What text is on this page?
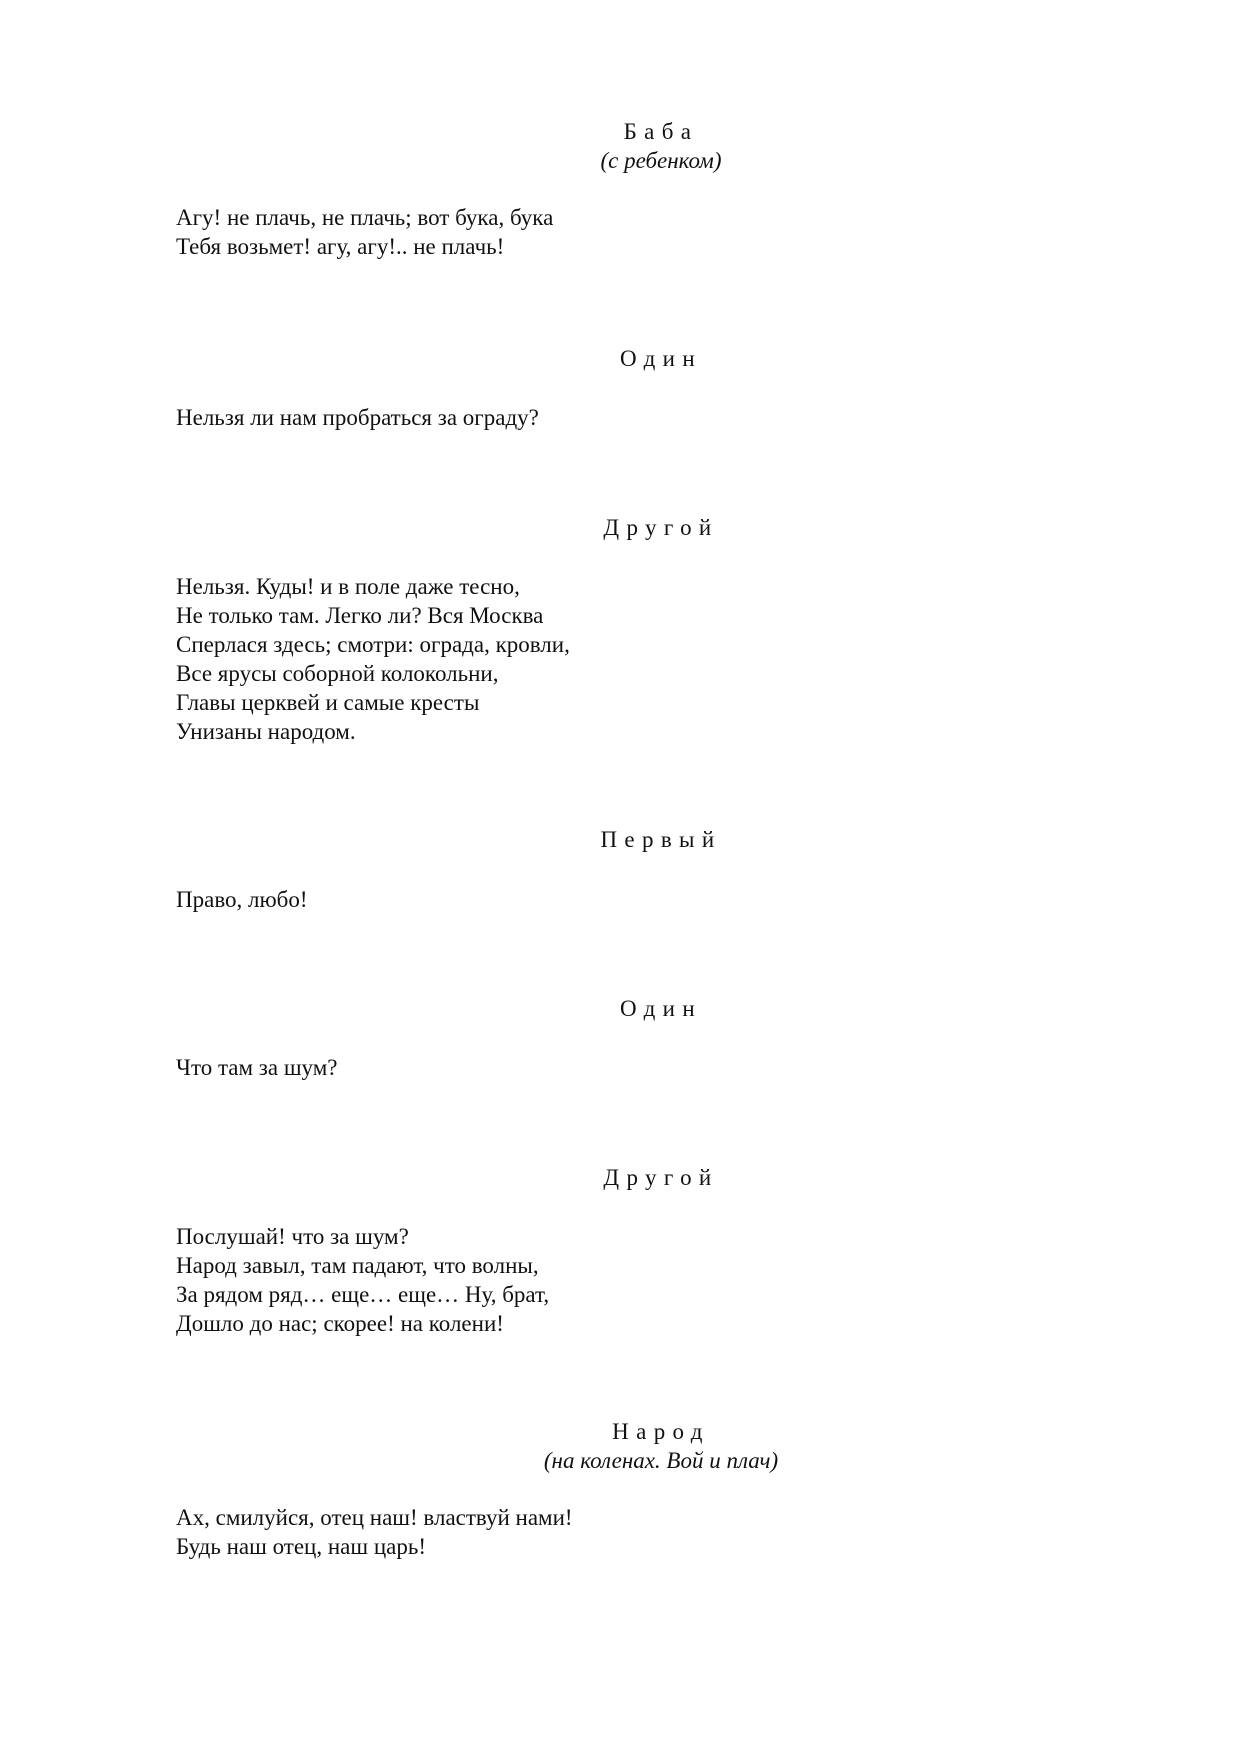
Баба
(с ребенком)
Агу! не плачь, не плачь; вот бука, бука
Тебя возьмет! агу, агу!.. не плачь!
Один
Нельзя ли нам пробраться за ограду?
Другой
Нельзя. Куды! и в поле даже тесно,
Не только там. Легко ли? Вся Москва
Сперлася здесь; смотри: ограда, кровли,
Все ярусы соборной колокольни,
Главы церквей и самые кресты
Унизаны народом.
Первый
Право, любо!
Один
Что там за шум?
Другой
Послушай! что за шум?
Народ завыл, там падают, что волны,
За рядом ряд… еще… еще… Ну, брат,
Дошло до нас; скорее! на колени!
Народ
(на коленах. Вой и плач)
Ах, смилуйся, отец наш! властвуй нами!
Будь наш отец, наш царь!
